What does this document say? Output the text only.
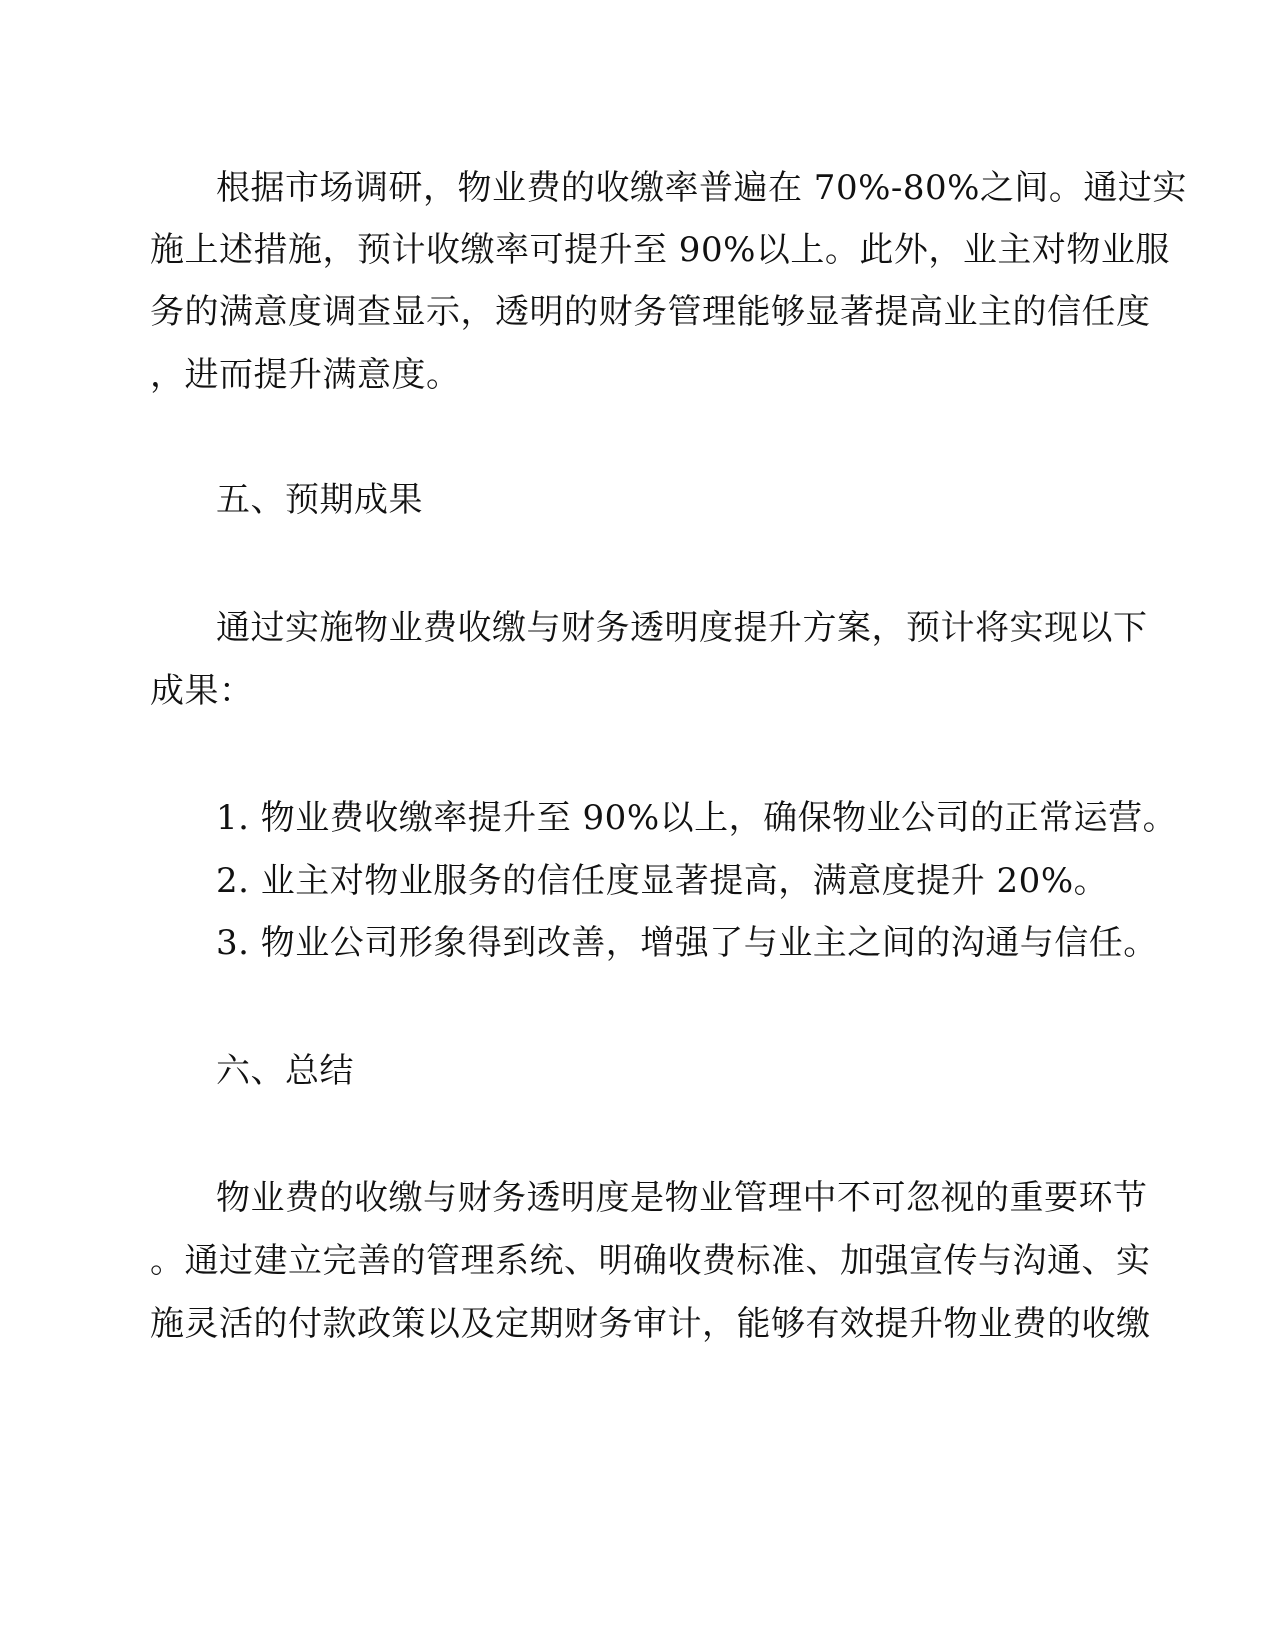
根据市场调研，物业费的收缴率普遍在 70%-80%之间。通过实
施上述措施，预计收缴率可提升至 90%以上。此外，业主对物业服
务的满意度调查显示，透明的财务管理能够显著提高业主的信任度
，进而提升满意度。
五、预期成果
通过实施物业费收缴与财务透明度提升方案，预计将实现以下
成果：
1. 物业费收缴率提升至 90%以上，确保物业公司的正常运营。
2. 业主对物业服务的信任度显著提高，满意度提升 20%。
3. 物业公司形象得到改善，增强了与业主之间的沟通与信任。
六、总结
物业费的收缴与财务透明度是物业管理中不可忽视的重要环节
。通过建立完善的管理系统、明确收费标准、加强宣传与沟通、实
施灵活的付款政策以及定期财务审计，能够有效提升物业费的收缴
